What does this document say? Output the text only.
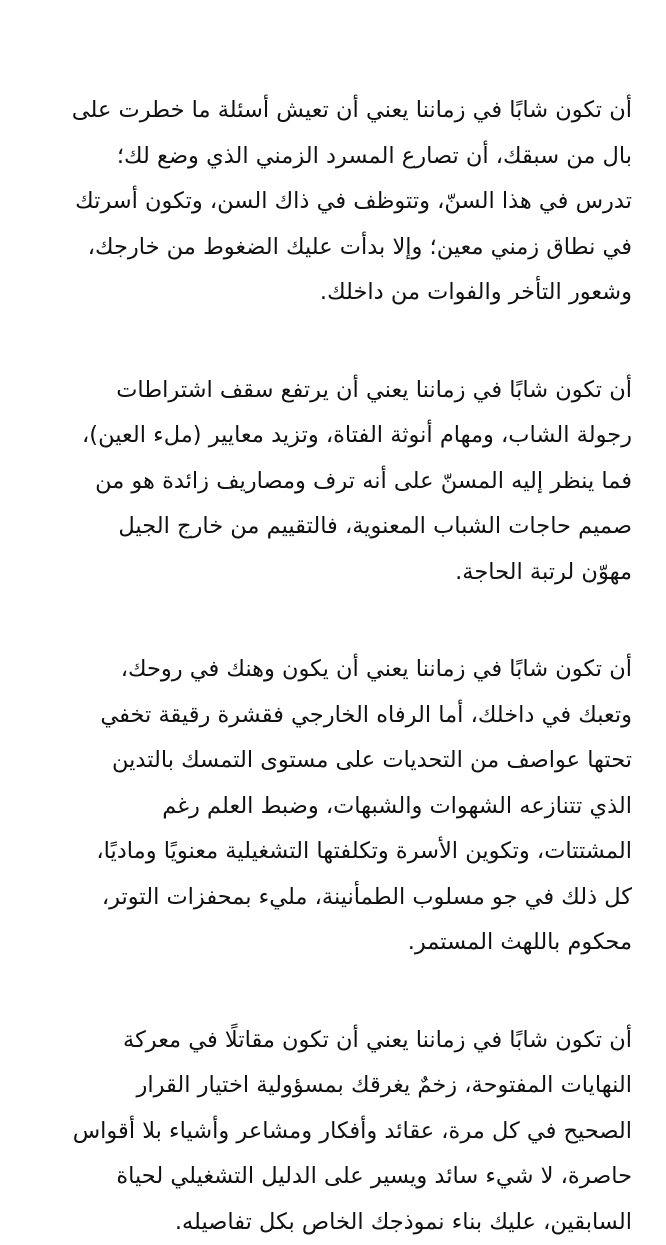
أن تكون شابًا في زماننا يعني أن تعيش أسئلة ما خطرت على
بال من سبقك، أن تصارع المسرد الزمني الذي وضع لك؛
تدرس في هذا السنّ، وتتوظف في ذاك السن، وتكون أسرتك
في نطاق زمني معين؛ وإلا بدأت عليك الضغوط من خارجك،
وشعور التأخر والفوات من داخلك.

أن تكون شابًا في زماننا يعني أن يرتفع سقف اشتراطات
رجولة الشاب، ومهام أنوثة الفتاة، وتزيد معايير (ملء العين)،
فما ينظر إليه المسنّ على أنه ترف ومصاريف زائدة هو من
صميم حاجات الشباب المعنوية، فالتقييم من خارج الجيل
مهوّن لرتبة الحاجة.

أن تكون شابًا في زماننا يعني أن يكون وهنك في روحك،
وتعبك في داخلك، أما الرفاه الخارجي فقشرة رقيقة تخفي
تحتها عواصف من التحديات على مستوى التمسك بالتدين
الذي تتنازعه الشهوات والشبهات، وضبط العلم رغم
المشتتات، وتكوين الأسرة وتكلفتها التشغيلية معنويًا وماديًا،
كل ذلك في جو مسلوب الطمأنينة، مليء بمحفزات التوتر،
محكوم باللهث المستمر.

أن تكون شابًا في زماننا يعني أن تكون مقاتلًا في معركة
النهايات المفتوحة، زخمٌ يغرقك بمسؤولية اختيار القرار
الصحيح في كل مرة، عقائد وأفكار ومشاعر وأشياء بلا أقواس
حاصرة، لا شيء سائد ويسير على الدليل التشغيلي لحياة
السابقين، عليك بناء نموذجك الخاص بكل تفاصيله.
